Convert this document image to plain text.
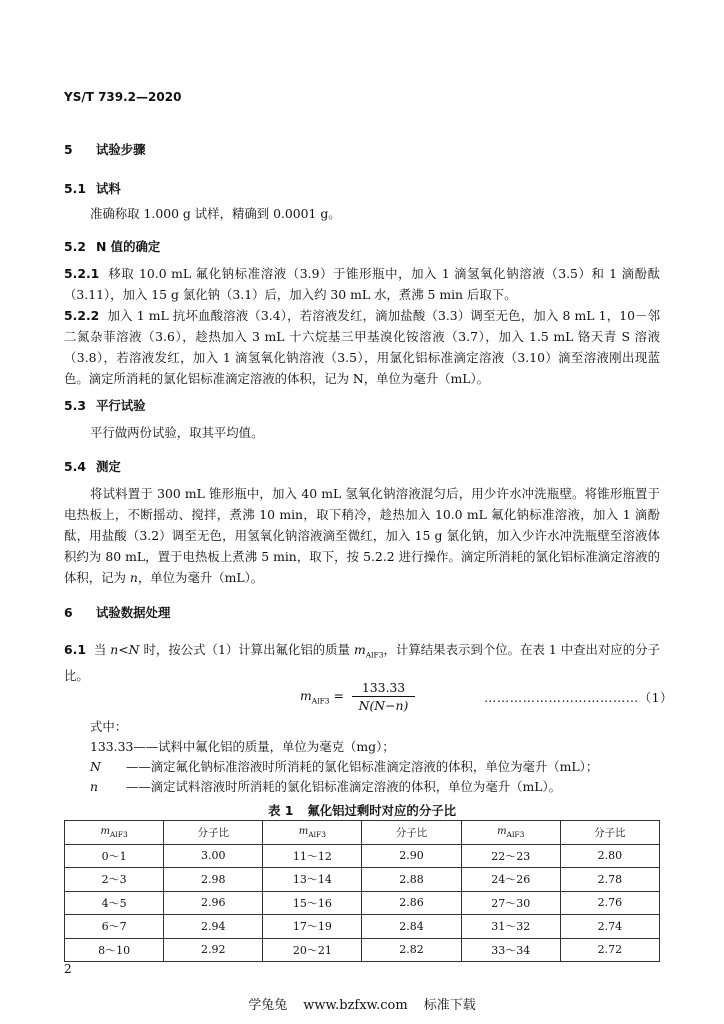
YS/T 739.2—2020
5 试验步骤
5.1 试料
准确称取 1.000 g 试样，精确到 0.0001 g。
5.2 N 值的确定
5.2.1 移取 10.0 mL 氟化钠标准溶液（3.9）于锥形瓶中，加入 1 滴氢氧化钠溶液（3.5）和 1 滴酚酞（3.11），加入 15 g 氯化钠（3.1）后，加入约 30 mL 水，煮沸 5 min 后取下。
5.2.2 加入 1 mL 抗坏血酸溶液（3.4），若溶液发红，滴加盐酸（3.3）调至无色，加入 8 mL 1，10－邻二氮杂菲溶液（3.6），趁热加入 3 mL 十六烷基三甲基溴化铵溶液（3.7），加入 1.5 mL 铬天青 S 溶液（3.8），若溶液发红，加入 1 滴氢氧化钠溶液（3.5），用氯化铝标准滴定溶液（3.10）滴至溶液刚出现蓝色。滴定所消耗的氯化铝标准滴定溶液的体积，记为 N，单位为毫升（mL）。
5.3 平行试验
平行做两份试验，取其平均值。
5.4 测定
将试料置于 300 mL 锥形瓶中，加入 40 mL 氢氧化钠溶液混匀后，用少许水冲洗瓶壁。将锥形瓶置于电热板上，不断摇动、搅拌，煮沸 10 min，取下稍冷，趁热加入 10.0 mL 氟化钠标准溶液，加入 1 滴酚酞，用盐酸（3.2）调至无色，用氢氧化钠溶液滴至微红，加入 15 g 氯化钠，加入少许水冲洗瓶壁至溶液体积约为 80 mL，置于电热板上煮沸 5 min，取下，按 5.2.2 进行操作。滴定所消耗的氯化铝标准滴定溶液的体积，记为 n，单位为毫升（mL）。
6 试验数据处理
6.1 当 n<N 时，按公式（1）计算出氟化铝的质量 $m_{AlF3}$，计算结果表示到个位。在表 1 中查出对应的分子比。
$m_{AlF3} = \frac{133.33}{N(N-n)}$	………………………………（1）
式中：
133.33——试料中氟化铝的质量，单位为毫克（mg）；
N ——滴定氟化钠标准溶液时所消耗的氯化铝标准滴定溶液的体积，单位为毫升（mL）；
n ——滴定试料溶液时所消耗的氯化铝标准滴定溶液的体积，单位为毫升（mL）。
表 1 氟化铝过剩时对应的分子比
$m_{AlF3}$	分子比	$m_{AlF3}$	分子比	$m_{AlF3}$	分子比
0～1	3.00	11～12	2.90	22～23	2.80
2～3	2.98	13～14	2.88	24～26	2.78
4～5	2.96	15～16	2.86	27～30	2.76
6～7	2.94	17～19	2.84	31～32	2.74
8～10	2.92	20～21	2.82	33～34	2.72
2
学兔兔 www.bzfxw.com 标准下载
